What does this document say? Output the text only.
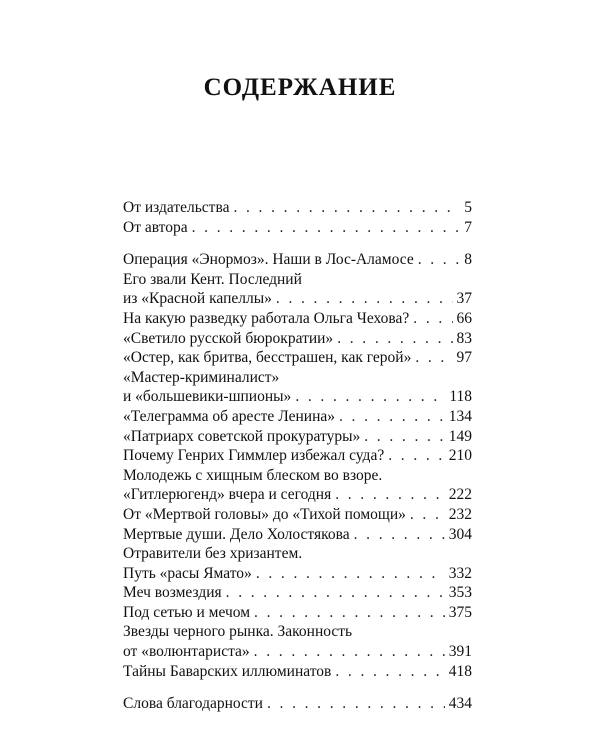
СОДЕРЖАНИЕ
От издательства . . .	5
От автора . . .	7
Операция «Энормоз». Наши в Лос-Аламосе . . .	8
Его звали Кент. Последний
из «Красной капеллы» . . .	37
На какую разведку работала Ольга Чехова? . . .	66
«Светило русской бюрократии» . . .	83
«Остер, как бритва, бесстрашен, как герой» . . .	97
«Мастер-криминалист»
и «большевики-шпионы» . . .	118
«Телеграмма об аресте Ленина» . . .	134
«Патриарх советской прокуратуры» . . .	149
Почему Генрих Гиммлер избежал суда? . . .	210
Молодежь с хищным блеском во взоре.
«Гитлерюгенд» вчера и сегодня . . .	222
От «Мертвой головы» до «Тихой помощи» . . .	232
Мертвые души. Дело Холостякова . . .	304
Отравители без хризантем.
Путь «расы Ямато» . . .	332
Меч возмездия . . .	353
Под сетью и мечом . . .	375
Звезды черного рынка. Законность
от «волюнтариста» . . .	391
Тайны Баварских иллюминатов . . .	418
Слова благодарности . . .	434
